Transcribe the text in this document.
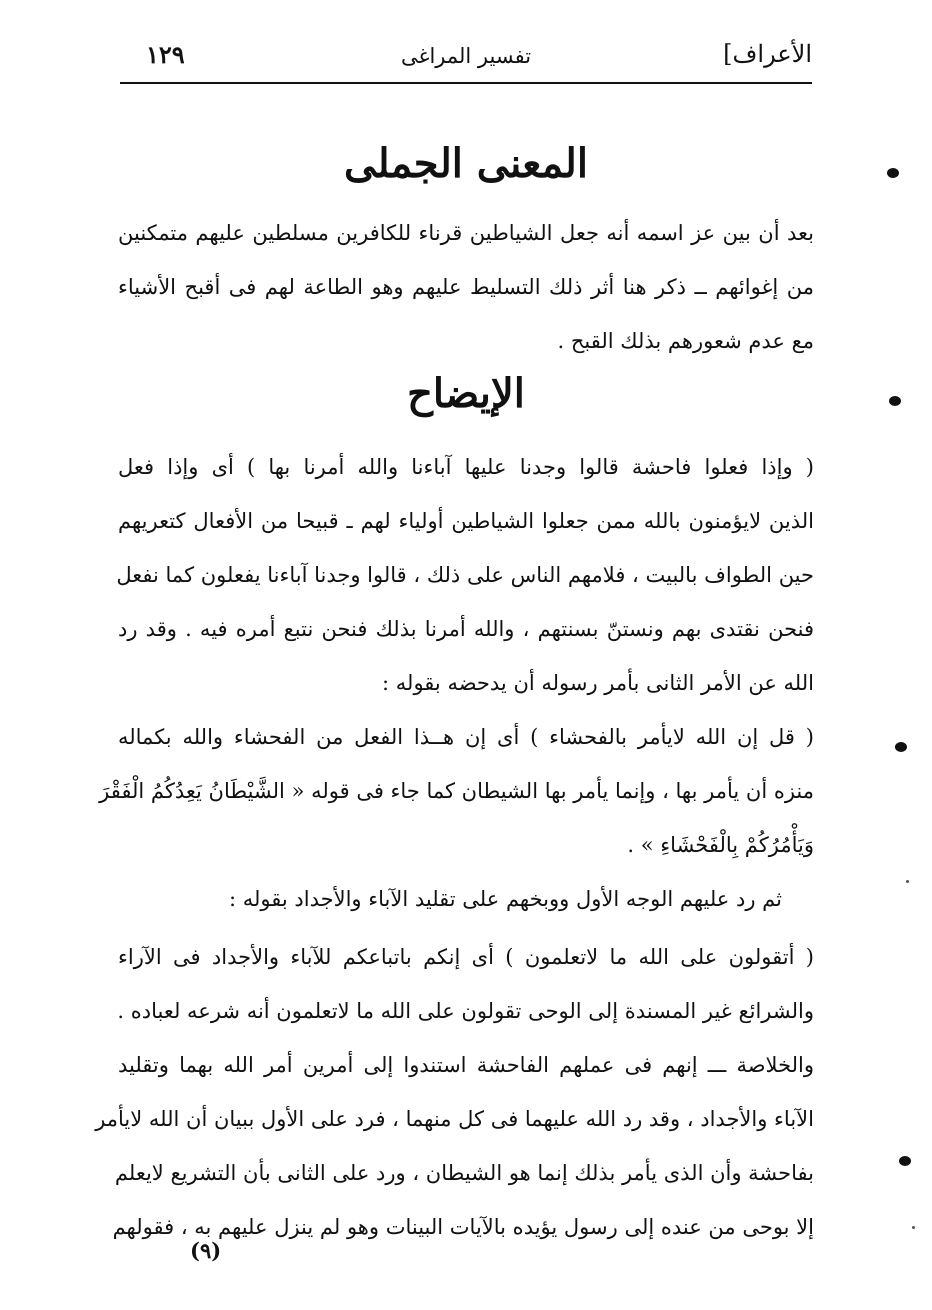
الأعراف]
تفسير المراغى
١٢٩
المعنى الجملى
بعد أن بين عز اسمه أنه جعل الشياطين قرناء للكافرين مسلطين عليهم متمكنين
من إغوائهم ــ ذكر هنا أثر ذلك التسليط عليهم وهو الطاعة لهم فى أقبح الأشياء
مع عدم شعورهم بذلك القبح .
الإيضاح
( وإذا فعلوا فاحشة قالوا وجدنا عليها آباءنا والله أمرنا بها ) أى وإذا فعل
الذين لايؤمنون بالله ممن جعلوا الشياطين أولياء لهم ـ قبيحا من الأفعال كتعريهم
حين الطواف بالبيت ، فلامهم الناس على ذلك ، قالوا وجدنا آباءنا يفعلون كما نفعل
فنحن نقتدى بهم ونستنّ بسنتهم ، والله أمرنا بذلك فنحن نتبع أمره فيه . وقد رد
الله عن الأمر الثانى بأمر رسوله أن يدحضه بقوله :
( قل إن الله لايأمر بالفحشاء ) أى إن هــذا الفعل من الفحشاء والله بكماله
منزه أن يأمر بها ، وإنما يأمر بها الشيطان كما جاء فى قوله « الشَّيْطَانُ يَعِدُكُمُ الْفَقْرَ
وَيَأْمُرُكُمْ بِالْفَحْشَاءِ » .
ثم رد عليهم الوجه الأول ووبخهم على تقليد الآباء والأجداد بقوله :
( أتقولون على الله ما لاتعلمون ) أى إنكم باتباعكم للآباء والأجداد فى الآراء
والشرائع غير المسندة إلى الوحى تقولون على الله ما لاتعلمون أنه شرعه لعباده .
والخلاصة ـــ إنهم فى عملهم الفاحشة استندوا إلى أمرين أمر الله بهما وتقليد
الآباء والأجداد ، وقد رد الله عليهما فى كل منهما ، فرد على الأول ببيان أن الله لايأمر
بفاحشة وأن الذى يأمر بذلك إنما هو الشيطان ، ورد على الثانى بأن التشريع لايعلم
إلا بوحى من عنده إلى رسول يؤيده بالآيات البينات وهو لم ينزل عليهم به ، فقولهم
(٩)
